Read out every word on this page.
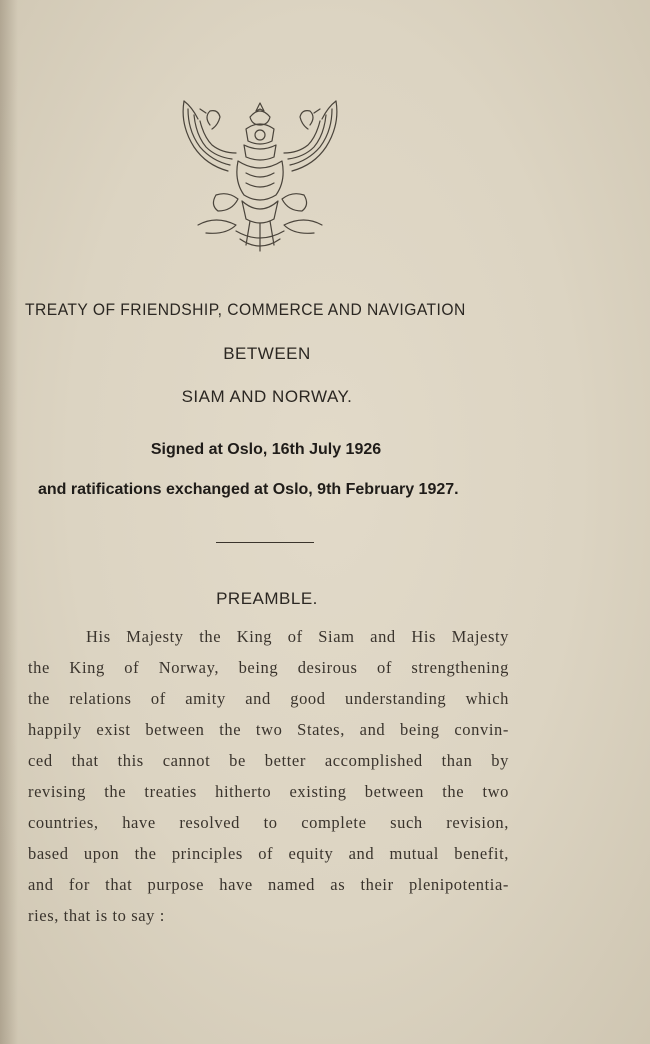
TREATY OF FRIENDSHIP, COMMERCE AND NAVIGATION
BETWEEN
SIAM AND NORWAY.
Signed at Oslo, 16th July 1926
and ratifications exchanged at Oslo, 9th February 1927.
PREAMBLE.
His Majesty the King of Siam and His Majesty
the King of Norway, being desirous of strengthening
the relations of amity and good understanding which
happily exist between the two States, and being convin-
ced that this cannot be better accomplished than by
revising the treaties hitherto existing between the two
countries, have resolved to complete such revision,
based upon the principles of equity and mutual benefit,
and for that purpose have named as their plenipotentia-
ries, that is to say :
